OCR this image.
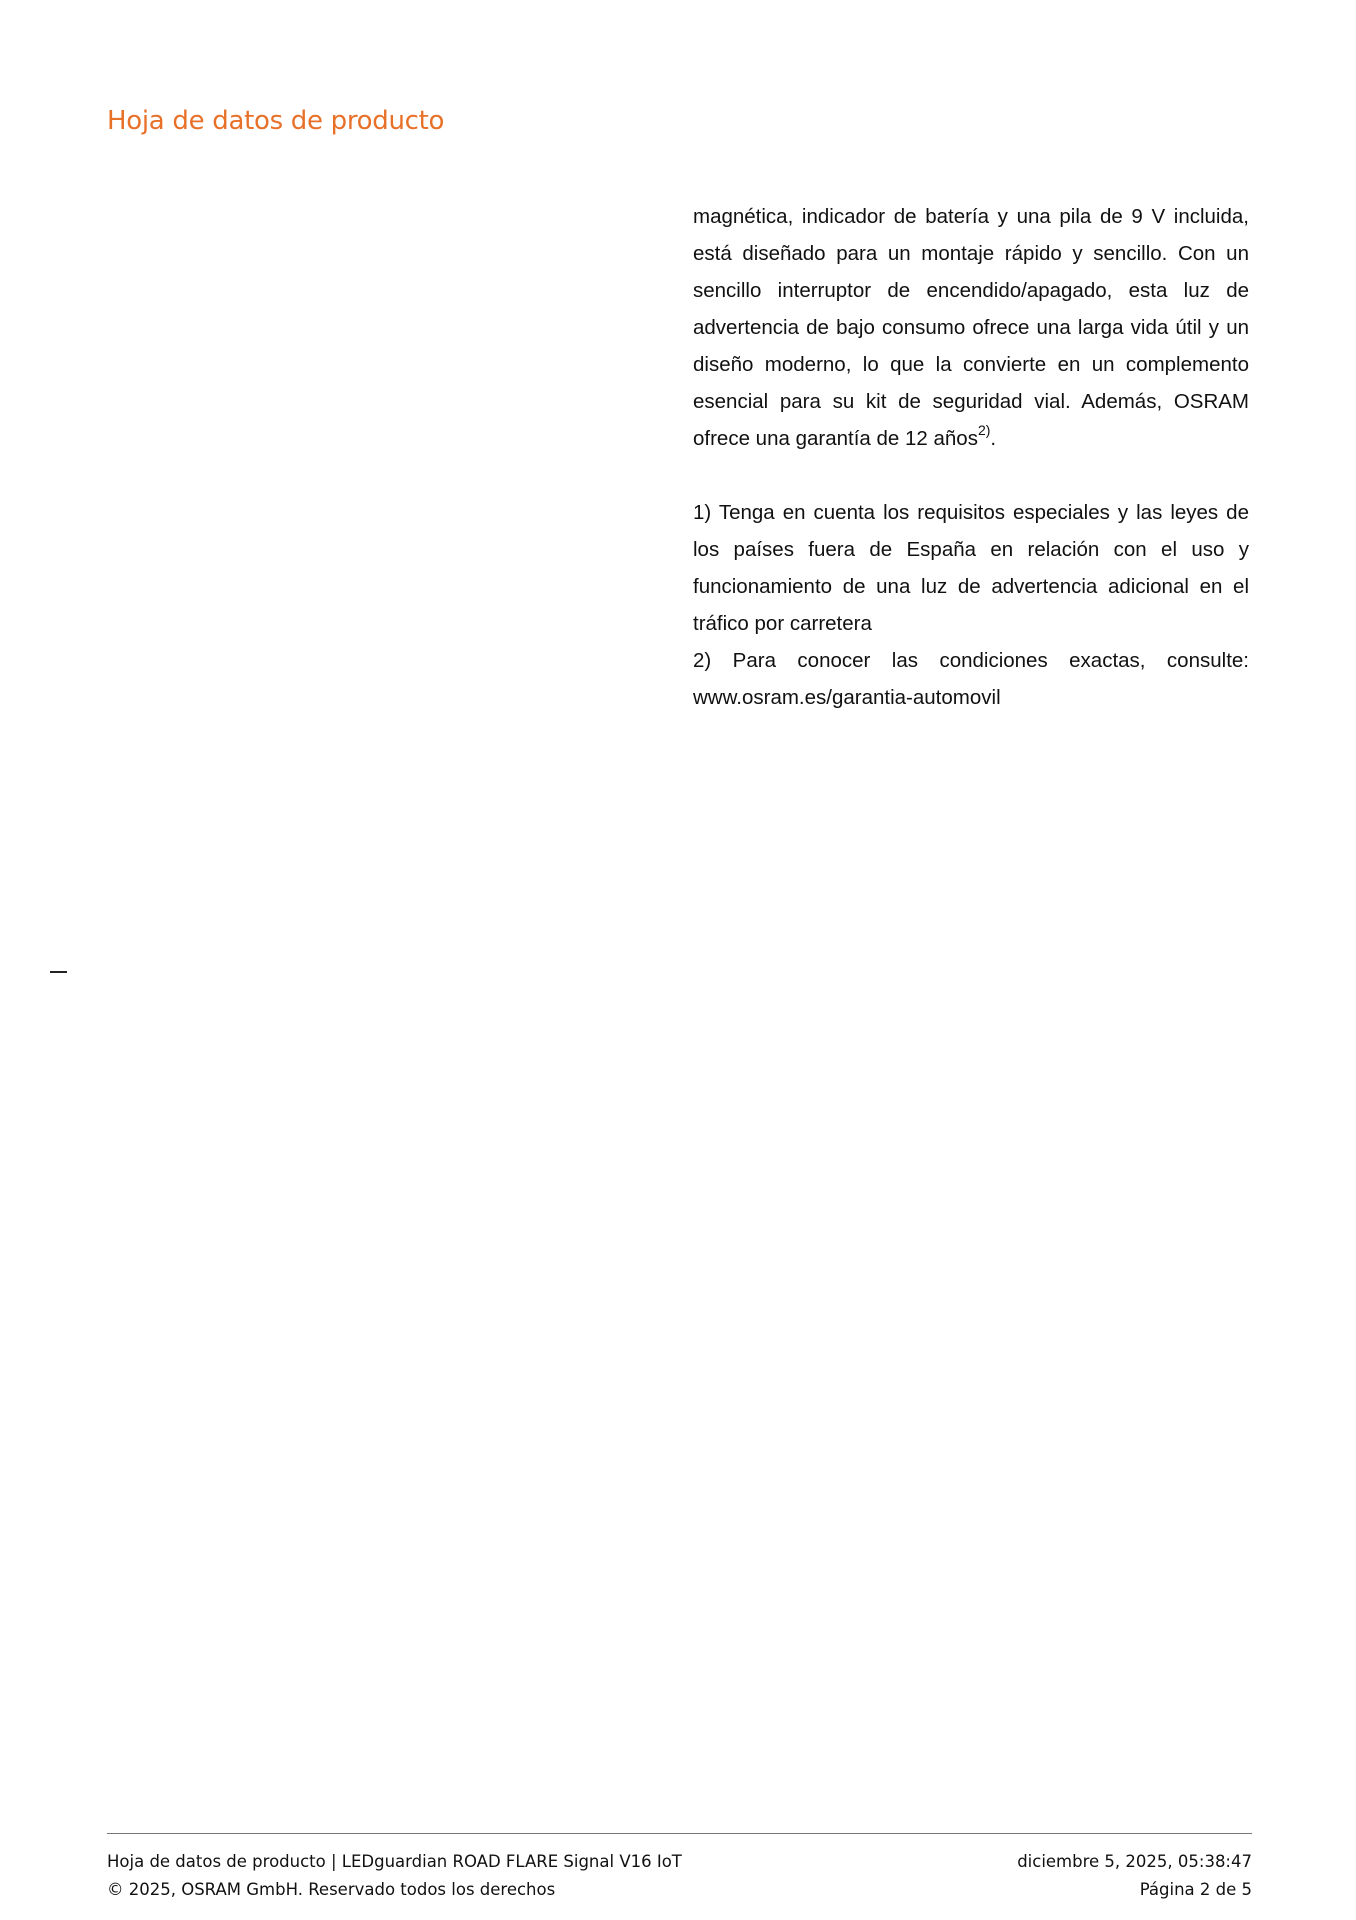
Hoja de datos de producto

magnética, indicador de batería y una pila de 9 V incluida, está diseñado para un montaje rápido y sencillo. Con un sencillo interruptor de encendido/apagado, esta luz de advertencia de bajo consumo ofrece una larga vida útil y un diseño moderno, lo que la convierte en un complemento esencial para su kit de seguridad vial. Además, OSRAM ofrece una garantía de 12 años$^{2)}$.

1) Tenga en cuenta los requisitos especiales y las leyes de los países fuera de España en relación con el uso y funcionamiento de una luz de advertencia adicional en el tráfico por carretera

2) Para conocer las condiciones exactas, consulte: www.osram.es/garantia-automovil

Hoja de datos de producto | LEDguardian ROAD FLARE Signal V16 IoT	diciembre 5, 2025, 05:38:47
© 2025, OSRAM GmbH. Reservado todos los derechos	Página 2 de 5
